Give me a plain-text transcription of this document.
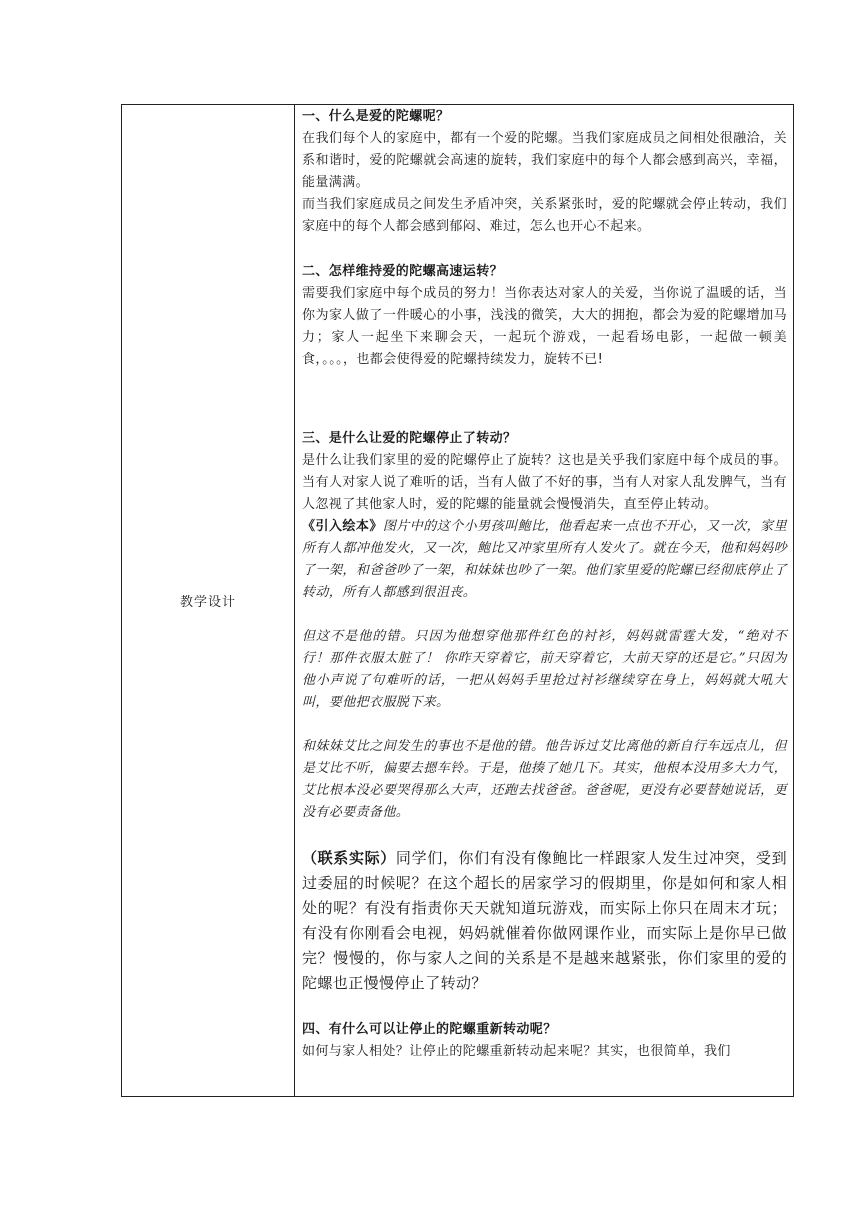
教学设计

一、什么是爱的陀螺呢？

在我们每个人的家庭中，都有一个爱的陀螺。当我们家庭成员之间相处很融洽，关系和谐时，爱的陀螺就会高速的旋转，我们家庭中的每个人都会感到高兴，幸福，能量满满。

而当我们家庭成员之间发生矛盾冲突，关系紧张时，爱的陀螺就会停止转动，我们家庭中的每个人都会感到郁闷、难过，怎么也开心不起来。

二、怎样维持爱的陀螺高速运转？

需要我们家庭中每个成员的努力！当你表达对家人的关爱，当你说了温暖的话，当你为家人做了一件暖心的小事，浅浅的微笑，大大的拥抱，都会为爱的陀螺增加马力；家人一起坐下来聊会天，一起玩个游戏，一起看场电影，一起做一顿美食，。。。，也都会使得爱的陀螺持续发力，旋转不已!

三、是什么让爱的陀螺停止了转动？

是什么让我们家里的爱的陀螺停止了旋转？这也是关乎我们家庭中每个成员的事。当有人对家人说了难听的话，当有人做了不好的事，当有人对家人乱发脾气，当有人忽视了其他家人时，爱的陀螺的能量就会慢慢消失，直至停止转动。

《引入绘本》图片中的这个小男孩叫鲍比，他看起来一点也不开心，又一次，家里所有人都冲他发火，又一次，鲍比又冲家里所有人发火了。就在今天，他和妈妈吵了一架，和爸爸吵了一架，和妹妹也吵了一架。他们家里爱的陀螺已经彻底停止了转动，所有人都感到很沮丧。

但这不是他的错。只因为他想穿他那件红色的衬衫，妈妈就雷霆大发，“绝对不行！那件衣服太脏了！ 你昨天穿着它，前天穿着它，大前天穿的还是它。”只因为他小声说了句难听的话，一把从妈妈手里抢过衬衫继续穿在身上，妈妈就大吼大叫，要他把衣服脱下来。

和妹妹艾比之间发生的事也不是他的错。他告诉过艾比离他的新自行车远点儿，但是艾比不听，偏要去摁车铃。于是，他揍了她几下。其实，他根本没用多大力气，艾比根本没必要哭得那么大声，还跑去找爸爸。爸爸呢，更没有必要替她说话，更没有必要责备他。

（联系实际）同学们，你们有没有像鲍比一样跟家人发生过冲突，受到过委屈的时候呢？在这个超长的居家学习的假期里，你是如何和家人相处的呢？有没有指责你天天就知道玩游戏，而实际上你只在周末才玩；有没有你刚看会电视，妈妈就催着你做网课作业，而实际上是你早已做完？慢慢的，你与家人之间的关系是不是越来越紧张，你们家里的爱的陀螺也正慢慢停止了转动？

四、有什么可以让停止的陀螺重新转动呢？

如何与家人相处？让停止的陀螺重新转动起来呢？其实，也很简单，我们
